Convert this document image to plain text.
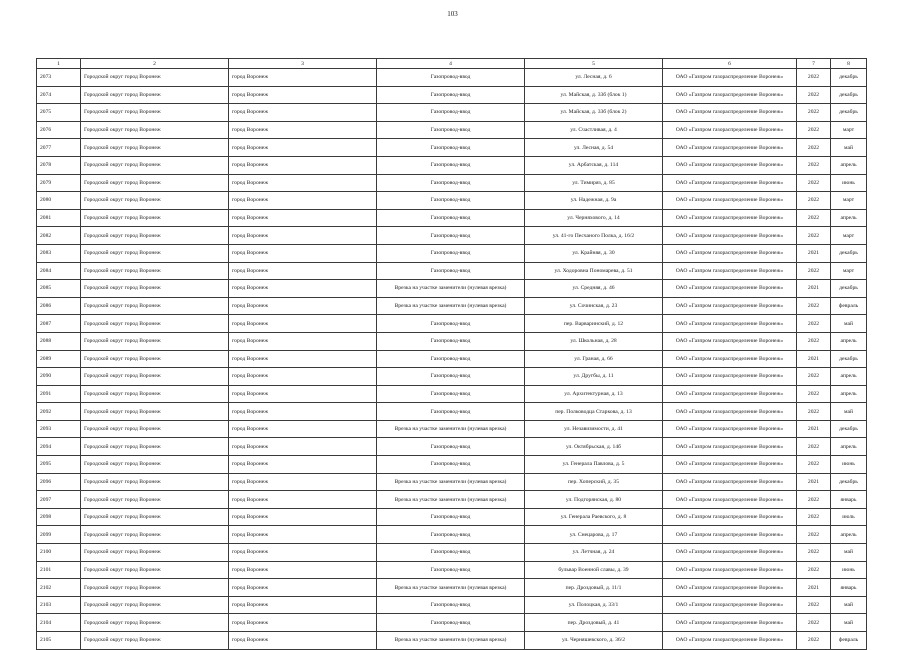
103
1	2	3	4	5	6	7	8
2073	Городской округ город Воронеж	город Воронеж	Газопровод-ввод	ул. Лесная, д. 6	ОАО «Газпром газораспределение Воронеж»	2022	декабрь
2074	Городской округ город Воронеж	город Воронеж	Газопровод-ввод	ул. Майская, д. 33б (блок 1)	ОАО «Газпром газораспределение Воронеж»	2022	декабрь
2075	Городской округ город Воронеж	город Воронеж	Газопровод-ввод	ул. Майская, д. 33б (блок 2)	ОАО «Газпром газораспределение Воронеж»	2022	декабрь
2076	Городской округ город Воронеж	город Воронеж	Газопровод-ввод	ул. Счастливая, д. 4	ОАО «Газпром газораспределение Воронеж»	2022	март
2077	Городской округ город Воронеж	город Воронеж	Газопровод-ввод	ул. Лесная, д. 54	ОАО «Газпром газораспределение Воронеж»	2022	май
2078	Городской округ город Воронеж	город Воронеж	Газопровод-ввод	ул. Арбатская, д. 114	ОАО «Газпром газораспределение Воронеж»	2022	апрель
2079	Городской округ город Воронеж	город Воронеж	Газопровод-ввод	ул. Тимиряз, д. 85	ОАО «Газпром газораспределение Воронеж»	2022	июнь
2080	Городской округ город Воронеж	город Воронеж	Газопровод-ввод	ул. Надежная, д. 9а	ОАО «Газпром газораспределение Воронеж»	2022	март
2081	Городской округ город Воронеж	город Воронеж	Газопровод-ввод	ул. Черняхового, д. 14	ОАО «Газпром газораспределение Воронеж»	2022	апрель
2082	Городской округ город Воронеж	город Воронеж	Газопровод-ввод	ул. 41-го Песчаного Полка, д. 16/2	ОАО «Газпром газораспределение Воронеж»	2022	март
2083	Городской округ город Воронеж	город Воронеж	Газопровод-ввод	ул. Крайняя, д. 30	ОАО «Газпром газораспределение Воронеж»	2021	декабрь
2084	Городской округ город Воронеж	город Воронеж	Газопровод-ввод	ул. Ходоровна Пономарева, д. 51	ОАО «Газпром газораспределение Воронеж»	2022	март
2085	Городской округ город Воронеж	город Воронеж	Врезка на участке заменители (нулевая врезка)	ул. Средняя, д. 46	ОАО «Газпром газораспределение Воронеж»	2021	декабрь
2086	Городской округ город Воронеж	город Воронеж	Врезка на участке заменители (нулевая врезка)	ул. Сочинская, д. 23	ОАО «Газпром газораспределение Воронеж»	2022	февраль
2087	Городской округ город Воронеж	город Воронеж	Газопровод-ввод	пер. Варваринский, д. 12	ОАО «Газпром газораспределение Воронеж»	2022	май
2088	Городской округ город Воронеж	город Воронеж	Газопровод-ввод	ул. Школьная, д. 28	ОАО «Газпром газораспределение Воронеж»	2022	апрель
2089	Городской округ город Воронеж	город Воронеж	Газопровод-ввод	ул. Граная, д. 66	ОАО «Газпром газораспределение Воронеж»	2021	декабрь
2090	Городской округ город Воронеж	город Воронеж	Газопровод-ввод	ул. Другбы, д. 11	ОАО «Газпром газораспределение Воронеж»	2022	апрель
2091	Городской округ город Воронеж	город Воронеж	Газопровод-ввод	ул. Архитектурная, д. 13	ОАО «Газпром газораспределение Воронеж»	2022	апрель
2092	Городской округ город Воронеж	город Воронеж	Газопровод-ввод	пер. Полководца Старкова, д. 13	ОАО «Газпром газораспределение Воронеж»	2022	май
2093	Городской округ город Воронеж	город Воронеж	Врезка на участке заменители (нулевая врезка)	ул. Незавизимости, д. 41	ОАО «Газпром газораспределение Воронеж»	2021	декабрь
2094	Городской округ город Воронеж	город Воронеж	Газопровод-ввод	ул. Октябрьская, д. 14б	ОАО «Газпром газораспределение Воронеж»	2022	апрель
2095	Городской округ город Воронеж	город Воронеж	Газопровод-ввод	ул. Генерала Павлова, д. 5	ОАО «Газпром газораспределение Воронеж»	2022	июнь
2096	Городской округ город Воронеж	город Воронеж	Врезка на участке заменители (нулевая врезка)	пер. Хоперский, д. 35	ОАО «Газпром газораспределение Воронеж»	2021	декабрь
2097	Городской округ город Воронеж	город Воронеж	Врезка на участке заменители (нулевая врезка)	ул. Подгорянская, д. 80	ОАО «Газпром газораспределение Воронеж»	2022	январь
2098	Городской округ город Воронеж	город Воронеж	Газопровод-ввод	ул. Генерала Раевского, д. 8	ОАО «Газпром газораспределение Воронеж»	2022	июль
2099	Городской округ город Воронеж	город Воронеж	Газопровод-ввод	ул. Снецарова, д. 17	ОАО «Газпром газораспределение Воронеж»	2022	апрель
2100	Городской округ город Воронеж	город Воронеж	Газопровод-ввод	ул. Летчная, д. 24	ОАО «Газпром газораспределение Воронеж»	2022	май
2101	Городской округ город Воронеж	город Воронеж	Газопровод-ввод	бульвар Военной славы, д. 39	ОАО «Газпром газораспределение Воронеж»	2022	июнь
2102	Городской округ город Воронеж	город Воронеж	Врезка на участке заменители (нулевая врезка)	пер. Дроздовый, д. 11/1	ОАО «Газпром газораспределение Воронеж»	2021	январь
2103	Городской округ город Воронеж	город Воронеж	Газопровод-ввод	ул. Полоцкая, д. 33/1	ОАО «Газпром газораспределение Воронеж»	2022	май
2104	Городской округ город Воронеж	город Воронеж	Газопровод-ввод	пер. Дроздовый, д. 41	ОАО «Газпром газораспределение Воронеж»	2022	май
2105	Городской округ город Воронеж	город Воронеж	Врезка на участке заменители (нулевая врезка)	ул. Черняшевского, д. 36/2	ОАО «Газпром газораспределение Воронеж»	2022	февраль
